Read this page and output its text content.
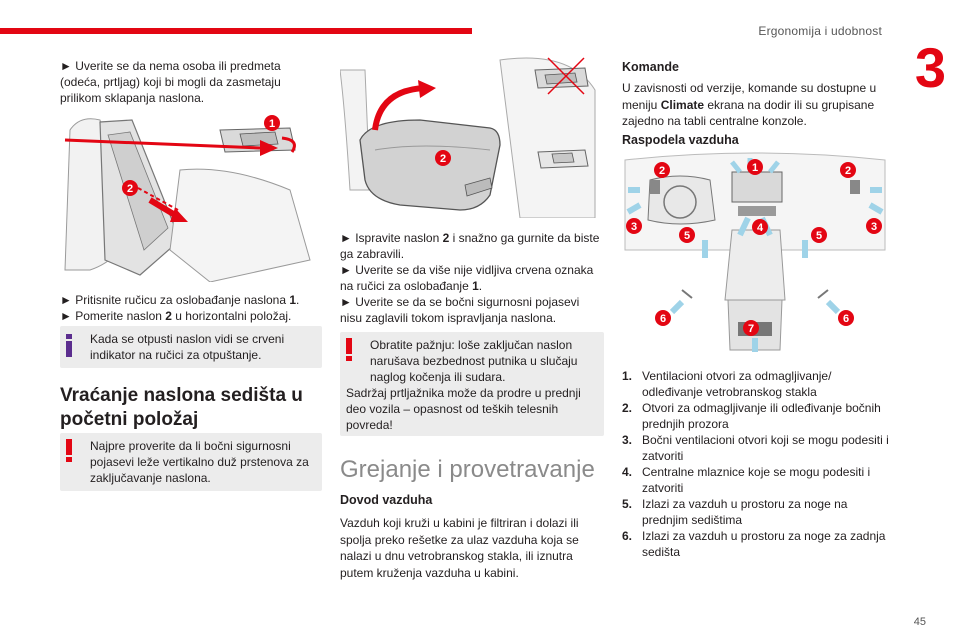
Ergonomija i udobnost
3

► Uverite se da nema osoba ili predmeta (odeća, prtljag) koji bi mogli da zasmetaju prilikom sklapanja naslona.

1
2

► Pritisnite ručicu za oslobađanje naslona 1.

► Pomerite naslon 2 u horizontalni položaj.

Kada se otpusti naslon vidi se crveni indikator na ručici za otpuštanje.
Vraćanje naslona sedišta u početni položaj
Najpre proverite da li bočni sigurnosni pojasevi leže vertikalno duž prstenova za zaključavanje naslona.
2

► Ispravite naslon 2 i snažno ga gurnite da biste ga zabravili.

► Uverite se da više nije vidljiva crvena oznaka na ručici za oslobađanje 1.

► Uverite se da se bočni sigurnosni pojasevi nisu zaglavili tokom ispravljanja naslona.

Obratite pažnju: loše zaključan naslon narušava bezbednost putnika u slučaju naglog kočenja ili sudara.
Sadržaj prtljažnika može da prodre u prednji deo vozila – opasnost od teških telesnih povreda!
Grejanje i provetravanje
Dovod vazduha

Vazduh koji kruži u kabini je filtriran i dolazi ili spolja preko rešetke za ulaz vazduha koja se nalazi u dnu vetrobranskog stakla, ili iznutra putem kruženja vazduha u kabini.

Komande

U zavisnosti od verzije, komande su dostupne u meniju Climate ekrana na dodir ili su grupisane zajedno na tabli centralne konzole.

Raspodela vazduha
1
2	2
3	3
4
5	5
6	6
7
1. Ventilacioni otvori za odmagljivanje/ odleđivanje vetrobranskog stakla
2. Otvori za odmagljivanje ili odleđivanje bočnih prednjih prozora
3. Bočni ventilacioni otvori koji se mogu podesiti i zatvoriti
4. Centralne mlaznice koje se mogu podesiti i zatvoriti
5. Izlazi za vazduh u prostoru za noge na prednjim sedištima
6. Izlazi za vazduh u prostoru za noge za zadnja sedišta
45
